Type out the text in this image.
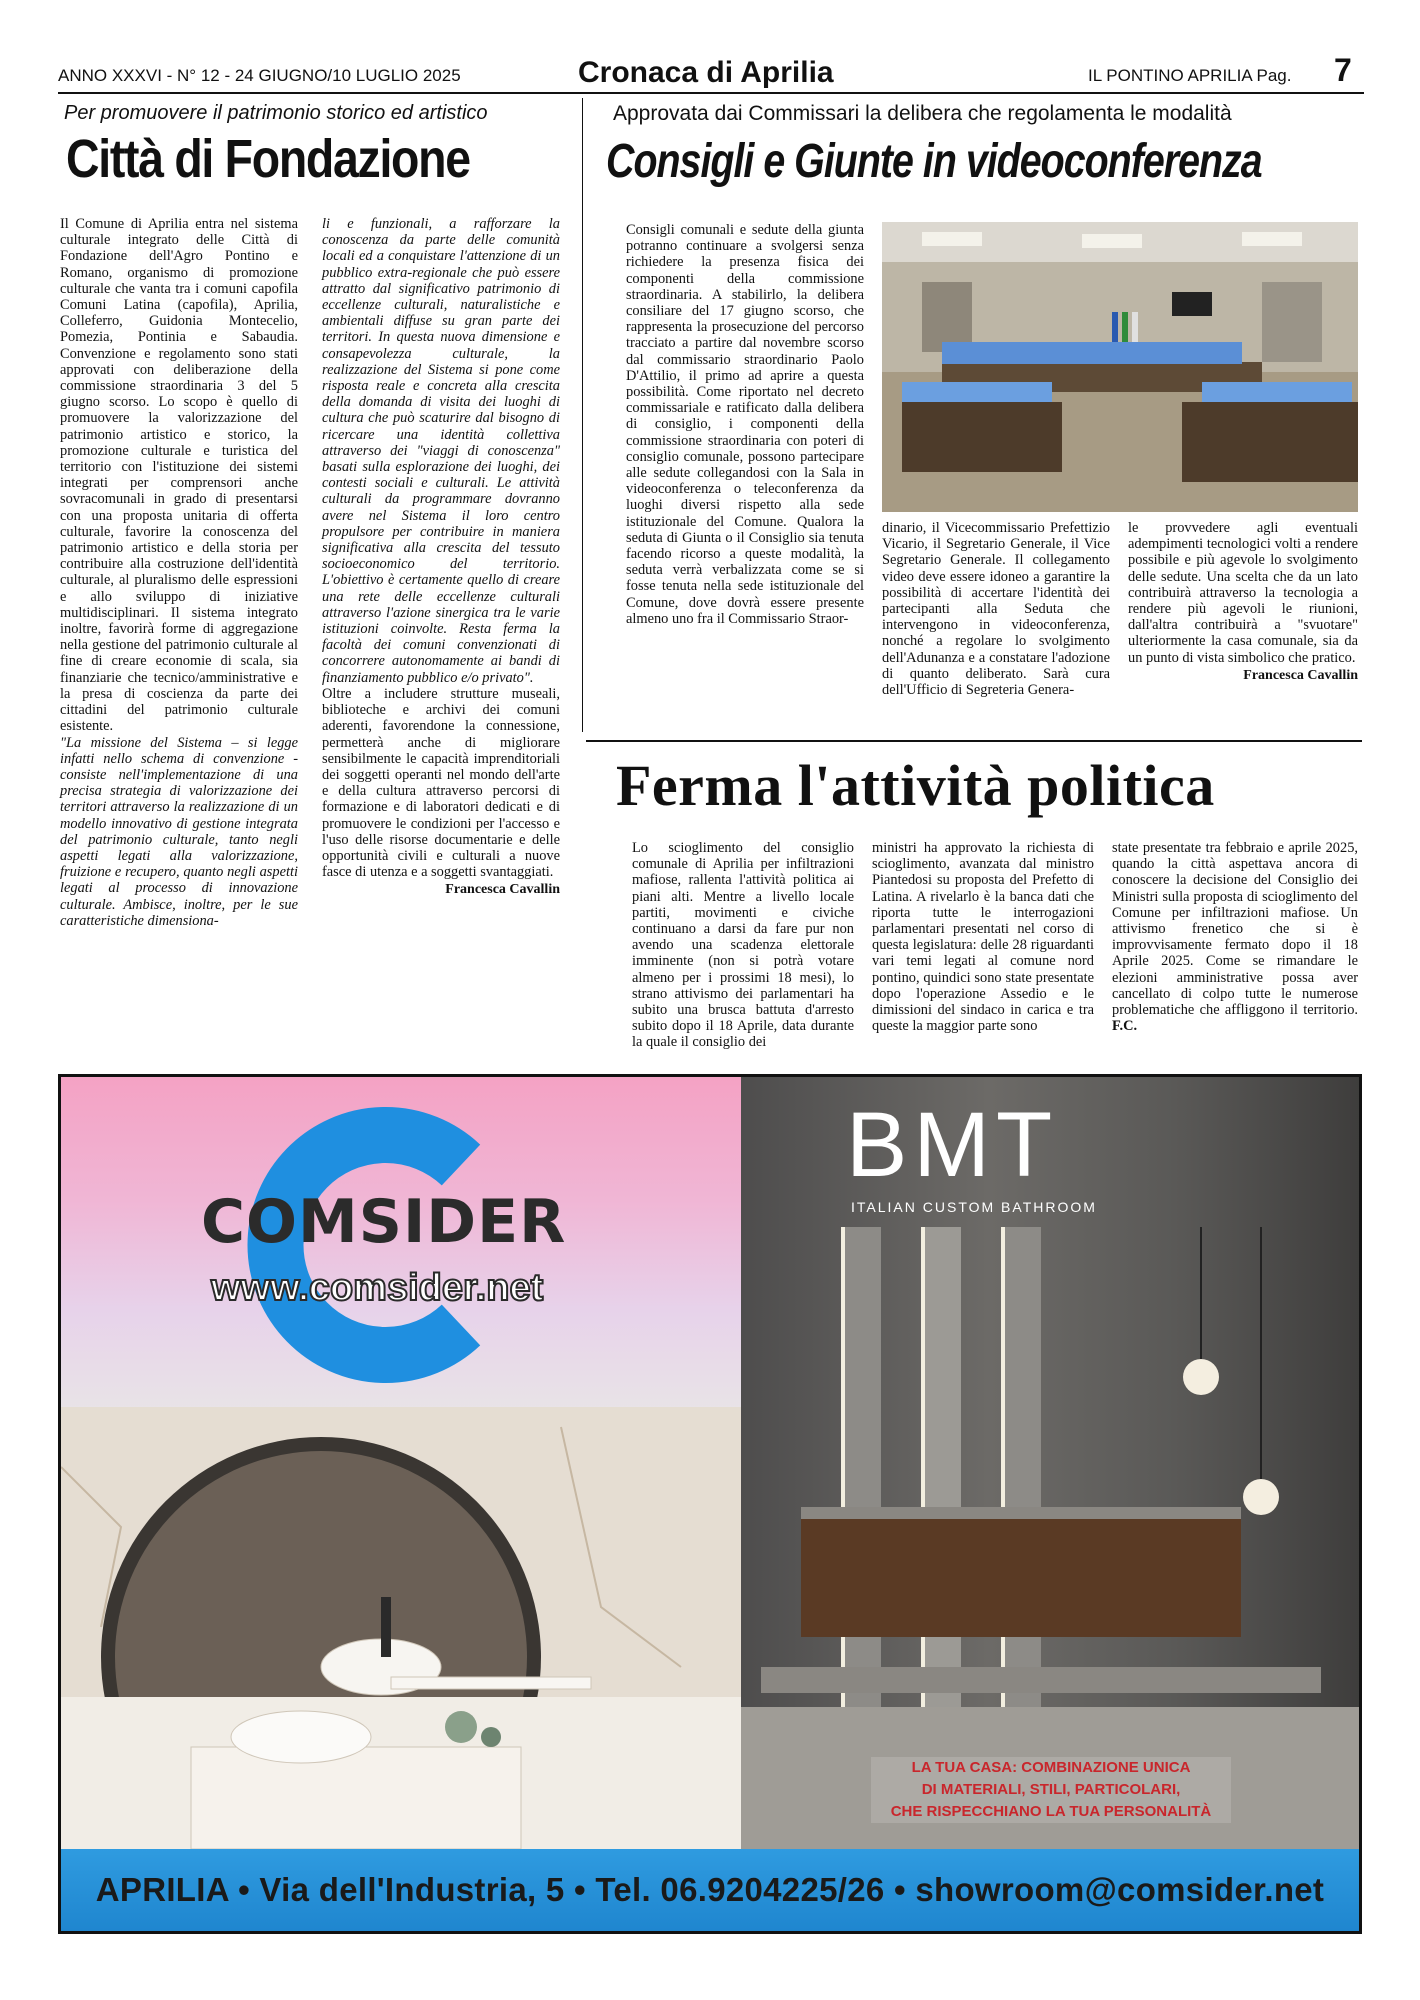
ANNO XXXVI - N° 12 - 24 GIUGNO/10 LUGLIO 2025	Cronaca di Aprilia	IL PONTINO APRILIA Pag. 7
Per promuovere il patrimonio storico ed artistico
Città di Fondazione

Il Comune di Aprilia entra nel sistema culturale integrato delle Città di Fondazione dell'Agro Pontino e Romano, organismo di promozione culturale che vanta tra i comuni capofila Comuni Latina (capofila), Aprilia, Colleferro, Guidonia Montecelio, Pomezia, Pontinia e Sabaudia. Convenzione e regolamento sono stati approvati con deliberazione della commissione straordinaria 3 del 5 giugno scorso. Lo scopo è quello di promuovere la valorizzazione del patrimonio artistico e storico, la promozione culturale e turistica del territorio con l'istituzione dei sistemi integrati per comprensori anche sovracomunali in grado di presentarsi con una proposta unitaria di offerta culturale, favorire la conoscenza del patrimonio artistico e della storia per contribuire alla costruzione dell'identità culturale, al pluralismo delle espressioni e allo sviluppo di iniziative multidisciplinari. Il sistema integrato inoltre, favorirà forme di aggregazione nella gestione del patrimonio culturale al fine di creare economie di scala, sia finanziarie che tecnico/amministrative e la presa di coscienza da parte dei cittadini del patrimonio culturale esistente.

"La missione del Sistema – si legge infatti nello schema di convenzione - consiste nell'implementazione di una precisa strategia di valorizzazione dei territori attraverso la realizzazione di un modello innovativo di gestione integrata del patrimonio culturale, tanto negli aspetti legati alla valorizzazione, fruizione e recupero, quanto negli aspetti legati al processo di innovazione culturale. Ambisce, inoltre, per le sue caratteristiche dimensiona-

li e funzionali, a rafforzare la conoscenza da parte delle comunità locali ed a conquistare l'attenzione di un pubblico extra-regionale che può essere attratto dal significativo patrimonio di eccellenze culturali, naturalistiche e ambientali diffuse su gran parte dei territori. In questa nuova dimensione e consapevolezza culturale, la realizzazione del Sistema si pone come risposta reale e concreta alla crescita della domanda di visita dei luoghi di cultura che può scaturire dal bisogno di ricercare una identità collettiva attraverso dei "viaggi di conoscenza" basati sulla esplorazione dei luoghi, dei contesti sociali e culturali. Le attività culturali da programmare dovranno avere nel Sistema il loro centro propulsore per contribuire in maniera significativa alla crescita del tessuto socioeconomico del territorio. L'obiettivo è certamente quello di creare una rete delle eccellenze culturali attraverso l'azione sinergica tra le varie istituzioni coinvolte. Resta ferma la facoltà dei comuni convenzionati di concorrere autonomamente ai bandi di finanziamento pubblico e/o privato".

Oltre a includere strutture museali, biblioteche e archivi dei comuni aderenti, favorendone la connessione, permetterà anche di migliorare sensibilmente le capacità imprenditoriali dei soggetti operanti nel mondo dell'arte e della cultura attraverso percorsi di formazione e di laboratori dedicati e di promuovere le condizioni per l'accesso e l'uso delle risorse documentarie e delle opportunità civili e culturali a nuove fasce di utenza e a soggetti svantaggiati.

Francesca Cavallin
Approvata dai Commissari la delibera che regolamenta le modalità
Consigli e Giunte in videoconferenza

Consigli comunali e sedute della giunta potranno continuare a svolgersi senza richiedere la presenza fisica dei componenti della commissione straordinaria. A stabilirlo, la delibera consiliare del 17 giugno scorso, che rappresenta la prosecuzione del percorso tracciato a partire dal novembre scorso dal commissario straordinario Paolo D'Attilio, il primo ad aprire a questa possibilità. Come riportato nel decreto commissariale e ratificato dalla delibera di consiglio, i componenti della commissione straordinaria con poteri di consiglio comunale, possono partecipare alle sedute collegandosi con la Sala in videoconferenza o teleconferenza da luoghi diversi rispetto alla sede istituzionale del Comune. Qualora la seduta di Giunta o il Consiglio sia tenuta facendo ricorso a queste modalità, la seduta verrà verbalizzata come se si fosse tenuta nella sede istituzionale del Comune, dove dovrà essere presente almeno uno fra il Commissario Straor-

dinario, il Vicecommissario Prefettizio Vicario, il Segretario Generale, il Vice Segretario Generale. Il collegamento video deve essere idoneo a garantire la possibilità di accertare l'identità dei partecipanti alla Seduta che intervengono in videoconferenza, nonché a regolare lo svolgimento dell'Adunanza e a constatare l'adozione di quanto deliberato. Sarà cura dell'Ufficio di Segreteria Genera-

le provvedere agli eventuali adempimenti tecnologici volti a rendere possibile e più agevole lo svolgimento delle sedute. Una scelta che da un lato contribuirà attraverso la tecnologia a rendere più agevoli le riunioni, dall'altra contribuirà a "svuotare" ulteriormente la casa comunale, sia da un punto di vista simbolico che pratico.

Francesca Cavallin
Ferma l'attività politica

Lo scioglimento del consiglio comunale di Aprilia per infiltrazioni mafiose, rallenta l'attività politica ai piani alti. Mentre a livello locale partiti, movimenti e civiche continuano a darsi da fare pur non avendo una scadenza elettorale imminente (non si potrà votare almeno per i prossimi 18 mesi), lo strano attivismo dei parlamentari ha subito una brusca battuta d'arresto subito dopo il 18 Aprile, data durante la quale il consiglio dei

ministri ha approvato la richiesta di scioglimento, avanzata dal ministro Piantedosi su proposta del Prefetto di Latina. A rivelarlo è la banca dati che riporta tutte le interrogazioni parlamentari presentati nel corso di questa legislatura: delle 28 riguardanti vari temi legati al comune nord pontino, quindici sono state presentate dopo l'operazione Assedio e le dimissioni del sindaco in carica e tra queste la maggior parte sono

state presentate tra febbraio e aprile 2025, quando la città aspettava ancora di conoscere la decisione del Consiglio dei Ministri sulla proposta di scioglimento del Comune per infiltrazioni mafiose. Un attivismo frenetico che si è improvvisamente fermato dopo il 18 Aprile 2025. Come se rimandare le elezioni amministrative possa aver cancellato di colpo tutte le numerose problematiche che affliggono il territorio.

F.C.
COMSIDER
www.comsider.net
BMT
ITALIAN CUSTOM BATHROOM
LA TUA CASA: COMBINAZIONE UNICA
DI MATERIALI, STILI, PARTICOLARI,
CHE RISPECCHIANO LA TUA PERSONALITÀ
APRILIA • Via dell'Industria, 5 • Tel. 06.9204225/26 • showroom@comsider.net
